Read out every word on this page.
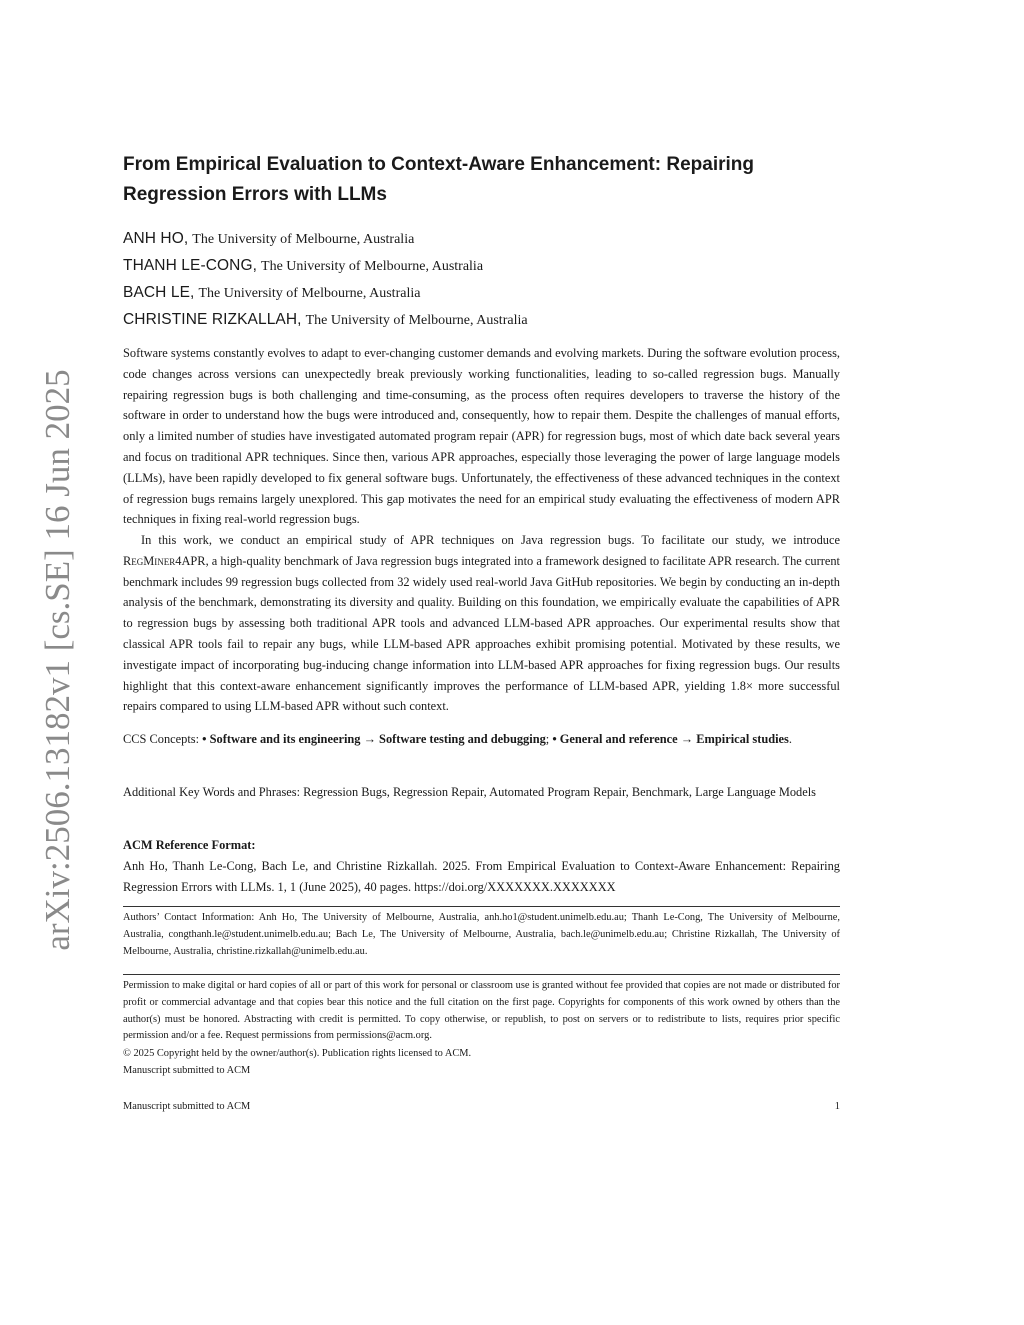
arXiv:2506.13182v1 [cs.SE] 16 Jun 2025
From Empirical Evaluation to Context-Aware Enhancement: Repairing Regression Errors with LLMs
ANH HO, The University of Melbourne, Australia
THANH LE-CONG, The University of Melbourne, Australia
BACH LE, The University of Melbourne, Australia
CHRISTINE RIZKALLAH, The University of Melbourne, Australia

Software systems constantly evolves to adapt to ever-changing customer demands and evolving markets. During the software evolution process, code changes across versions can unexpectedly break previously working functionalities, leading to so-called regression bugs. Manually repairing regression bugs is both challenging and time-consuming, as the process often requires developers to traverse the history of the software in order to understand how the bugs were introduced and, consequently, how to repair them. Despite the challenges of manual efforts, only a limited number of studies have investigated automated program repair (APR) for regression bugs, most of which date back several years and focus on traditional APR techniques. Since then, various APR approaches, especially those leveraging the power of large language models (LLMs), have been rapidly developed to fix general software bugs. Unfortunately, the effectiveness of these advanced techniques in the context of regression bugs remains largely unexplored. This gap motivates the need for an empirical study evaluating the effectiveness of modern APR techniques in fixing real-world regression bugs.

In this work, we conduct an empirical study of APR techniques on Java regression bugs. To facilitate our study, we introduce RegMiner4APR, a high-quality benchmark of Java regression bugs integrated into a framework designed to facilitate APR research. The current benchmark includes 99 regression bugs collected from 32 widely used real-world Java GitHub repositories. We begin by conducting an in-depth analysis of the benchmark, demonstrating its diversity and quality. Building on this foundation, we empirically evaluate the capabilities of APR to regression bugs by assessing both traditional APR tools and advanced LLM-based APR approaches. Our experimental results show that classical APR tools fail to repair any bugs, while LLM-based APR approaches exhibit promising potential. Motivated by these results, we investigate impact of incorporating bug-inducing change information into LLM-based APR approaches for fixing regression bugs. Our results highlight that this context-aware enhancement significantly improves the performance of LLM-based APR, yielding 1.8× more successful repairs compared to using LLM-based APR without such context.

CCS Concepts: • Software and its engineering → Software testing and debugging; • General and reference → Empirical studies.

Additional Key Words and Phrases: Regression Bugs, Regression Repair, Automated Program Repair, Benchmark, Large Language Models

ACM Reference Format:

Anh Ho, Thanh Le-Cong, Bach Le, and Christine Rizkallah. 2025. From Empirical Evaluation to Context-Aware Enhancement: Repairing Regression Errors with LLMs. 1, 1 (June 2025), 40 pages. https://doi.org/XXXXXXX.XXXXXXX

Authors’ Contact Information: Anh Ho, The University of Melbourne, Australia, anh.ho1@student.unimelb.edu.au; Thanh Le-Cong, The University of Melbourne, Australia, congthanh.le@student.unimelb.edu.au; Bach Le, The University of Melbourne, Australia, bach.le@unimelb.edu.au; Christine Rizkallah, The University of Melbourne, Australia, christine.rizkallah@unimelb.edu.au.

Permission to make digital or hard copies of all or part of this work for personal or classroom use is granted without fee provided that copies are not made or distributed for profit or commercial advantage and that copies bear this notice and the full citation on the first page. Copyrights for components of this work owned by others than the author(s) must be honored. Abstracting with credit is permitted. To copy otherwise, or republish, to post on servers or to redistribute to lists, requires prior specific permission and/or a fee. Request permissions from permissions@acm.org.

© 2025 Copyright held by the owner/author(s). Publication rights licensed to ACM.

Manuscript submitted to ACM

Manuscript submitted to ACM	1
